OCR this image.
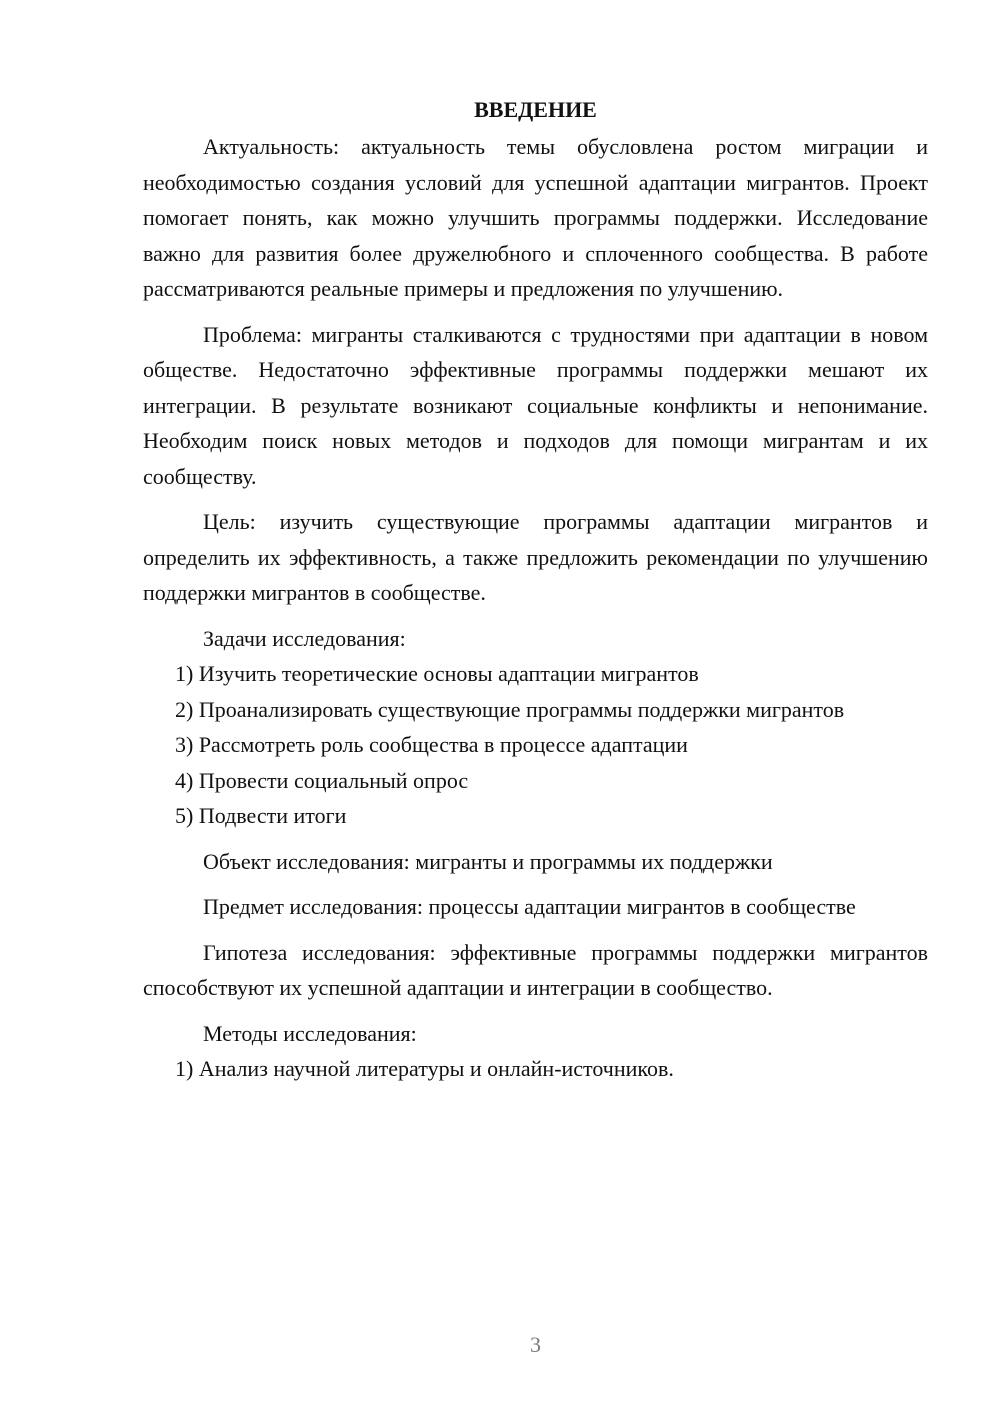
ВВЕДЕНИЕ

Актуальность: актуальность темы обусловлена ростом миграции и необходимостью создания условий для успешной адаптации мигрантов. Проект помогает понять, как можно улучшить программы поддержки. Исследование важно для развития более дружелюбного и сплоченного сообщества. В работе рассматриваются реальные примеры и предложения по улучшению.

Проблема: мигранты сталкиваются с трудностями при адаптации в новом обществе. Недостаточно эффективные программы поддержки мешают их интеграции. В результате возникают социальные конфликты и непонимание. Необходим поиск новых методов и подходов для помощи мигрантам и их сообществу.

Цель: изучить существующие программы адаптации мигрантов и определить их эффективность, а также предложить рекомендации по улучшению поддержки мигрантов в сообществе.

Задачи исследования:

1) Изучить теоретические основы адаптации мигрантов

2) Проанализировать существующие программы поддержки мигрантов

3) Рассмотреть роль сообщества в процессе адаптации

4) Провести социальный опрос

5) Подвести итоги

Объект исследования: мигранты и программы их поддержки

Предмет исследования: процессы адаптации мигрантов в сообществе

Гипотеза исследования: эффективные программы поддержки мигрантов способствуют их успешной адаптации и интеграции в сообщество.

Методы исследования:

1) Анализ научной литературы и онлайн-источников.

3
